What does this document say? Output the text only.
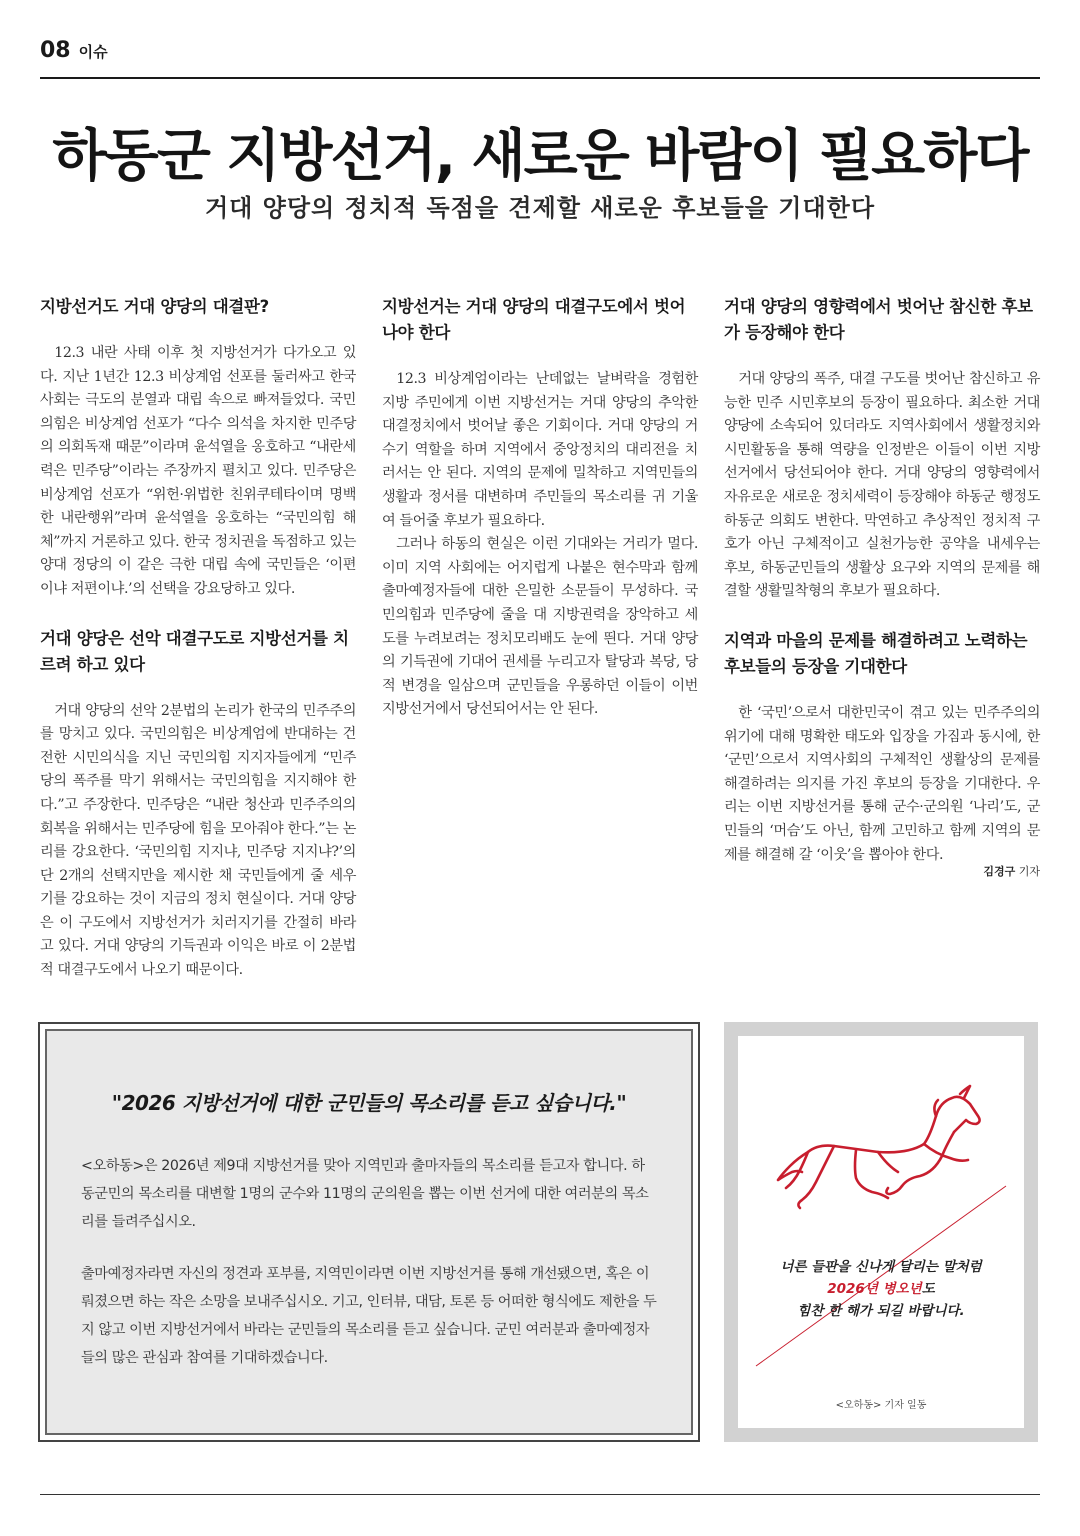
08 이슈
하동군 지방선거, 새로운 바람이 필요하다
거대 양당의 정치적 독점을 견제할 새로운 후보들을 기대한다
지방선거도 거대 양당의 대결판?

12.3 내란 사태 이후 첫 지방선거가 다가오고 있다. 지난 1년간 12.3 비상계엄 선포를 둘러싸고 한국사회는 극도의 분열과 대립 속으로 빠져들었다. 국민의힘은 비상계엄 선포가 “다수 의석을 차지한 민주당의 의회독재 때문”이라며 윤석열을 옹호하고 “내란세력은 민주당”이라는 주장까지 펼치고 있다. 민주당은 비상계엄 선포가 “위헌·위법한 친위쿠테타이며 명백한 내란행위”라며 윤석열을 옹호하는 “국민의힘 해체”까지 거론하고 있다. 한국 정치권을 독점하고 있는 양대 정당의 이 같은 극한 대립 속에 국민들은 ‘이편이냐 저편이냐.’의 선택을 강요당하고 있다.

거대 양당은 선악 대결구도로 지방선거를 치르려 하고 있다

거대 양당의 선악 2분법의 논리가 한국의 민주주의를 망치고 있다. 국민의힘은 비상계엄에 반대하는 건전한 시민의식을 지닌 국민의힘 지지자들에게 “민주당의 폭주를 막기 위해서는 국민의힘을 지지해야 한다.”고 주장한다. 민주당은 “내란 청산과 민주주의의 회복을 위해서는 민주당에 힘을 모아줘야 한다.”는 논리를 강요한다. ‘국민의힘 지지냐, 민주당 지지냐?’의 단 2개의 선택지만을 제시한 채 국민들에게 줄 세우기를 강요하는 것이 지금의 정치 현실이다. 거대 양당은 이 구도에서 지방선거가 치러지기를 간절히 바라고 있다. 거대 양당의 기득권과 이익은 바로 이 2분법적 대결구도에서 나오기 때문이다.

지방선거는 거대 양당의 대결구도에서 벗어나야 한다

12.3 비상계엄이라는 난데없는 날벼락을 경험한 지방 주민에게 이번 지방선거는 거대 양당의 추악한 대결정치에서 벗어날 좋은 기회이다. 거대 양당의 거수기 역할을 하며 지역에서 중앙정치의 대리전을 치러서는 안 된다. 지역의 문제에 밀착하고 지역민들의 생활과 정서를 대변하며 주민들의 목소리를 귀 기울여 들어줄 후보가 필요하다.

그러나 하동의 현실은 이런 기대와는 거리가 멀다. 이미 지역 사회에는 어지럽게 나붙은 현수막과 함께 출마예정자들에 대한 은밀한 소문들이 무성하다. 국민의힘과 민주당에 줄을 대 지방권력을 장악하고 세도를 누려보려는 정치모리배도 눈에 띈다. 거대 양당의 기득권에 기대어 권세를 누리고자 탈당과 복당, 당적 변경을 일삼으며 군민들을 우롱하던 이들이 이번 지방선거에서 당선되어서는 안 된다.

거대 양당의 영향력에서 벗어난 참신한 후보가 등장해야 한다

거대 양당의 폭주, 대결 구도를 벗어난 참신하고 유능한 민주 시민후보의 등장이 필요하다. 최소한 거대 양당에 소속되어 있더라도 지역사회에서 생활정치와 시민활동을 통해 역량을 인정받은 이들이 이번 지방선거에서 당선되어야 한다. 거대 양당의 영향력에서 자유로운 새로운 정치세력이 등장해야 하동군 행정도 하동군 의회도 변한다. 막연하고 추상적인 정치적 구호가 아닌 구체적이고 실천가능한 공약을 내세우는 후보, 하동군민들의 생활상 요구와 지역의 문제를 해결할 생활밀착형의 후보가 필요하다.

지역과 마을의 문제를 해결하려고 노력하는 후보들의 등장을 기대한다

한 ‘국민’으로서 대한민국이 겪고 있는 민주주의의 위기에 대해 명확한 태도와 입장을 가짐과 동시에, 한 ‘군민’으로서 지역사회의 구체적인 생활상의 문제를 해결하려는 의지를 가진 후보의 등장을 기대한다. 우리는 이번 지방선거를 통해 군수·군의원 ‘나리’도, 군민들의 ‘머슴’도 아닌, 함께 고민하고 함께 지역의 문제를 해결해 갈 ‘이웃’을 뽑아야 한다.

김경구 기자
"2026 지방선거에 대한 군민들의 목소리를 듣고 싶습니다."

<오하동>은 2026년 제9대 지방선거를 맞아 지역민과 출마자들의 목소리를 듣고자 합니다. 하동군민의 목소리를 대변할 1명의 군수와 11명의 군의원을 뽑는 이번 선거에 대한 여러분의 목소리를 들려주십시오.

출마예정자라면 자신의 정견과 포부를, 지역민이라면 이번 지방선거를 통해 개선됐으면, 혹은 이뤄졌으면 하는 작은 소망을 보내주십시오. 기고, 인터뷰, 대담, 토론 등 어떠한 형식에도 제한을 두지 않고 이번 지방선거에서 바라는 군민들의 목소리를 듣고 싶습니다. 군민 여러분과 출마예정자들의 많은 관심과 참여를 기대하겠습니다.

너른 들판을 신나게 달리는 말처럼
2026년 병오년도
힘찬 한 해가 되길 바랍니다.
<오하동> 기자 일동
